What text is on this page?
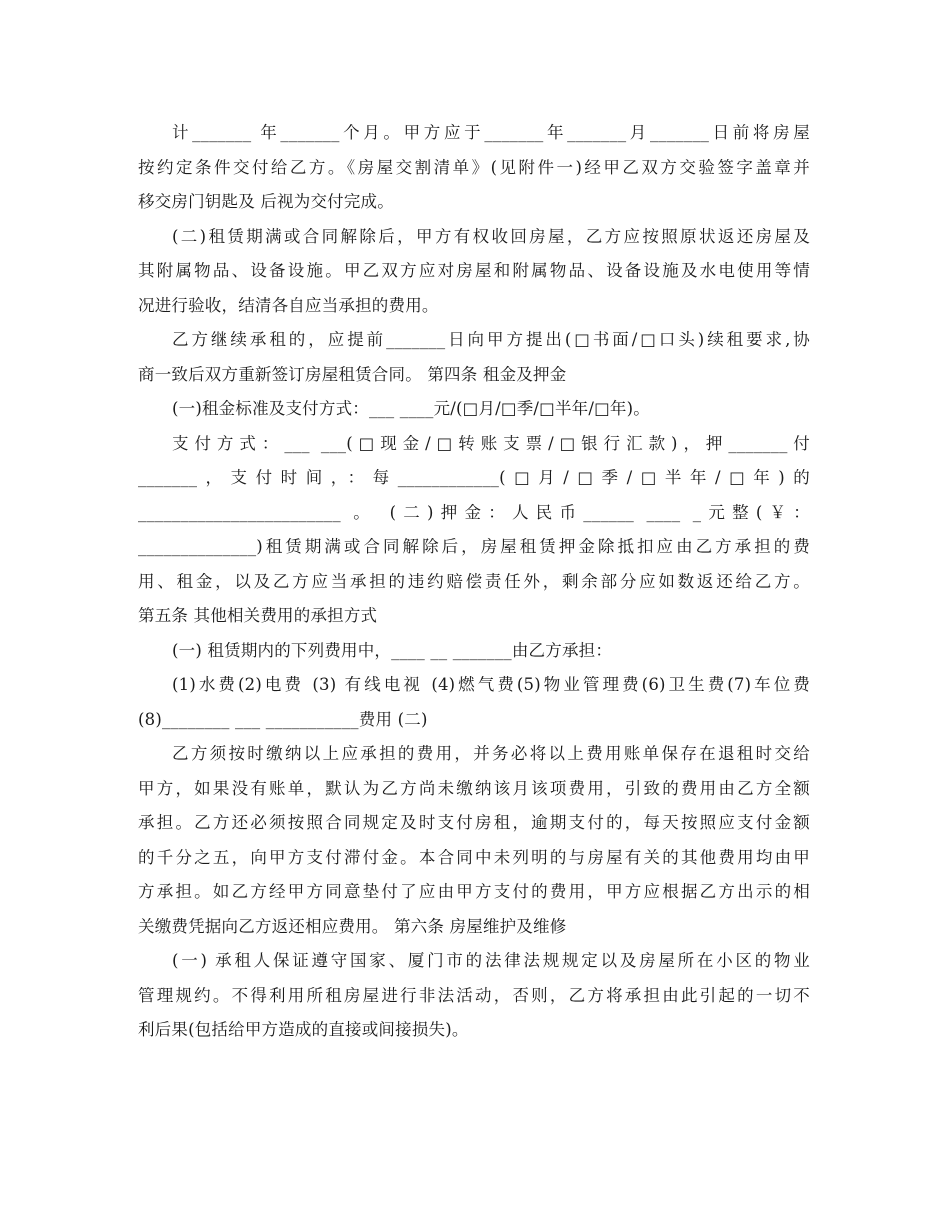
计_______ 年_______个月。甲方应于_______年_______月_______日前将房屋
按约定条件交付给乙方。《房屋交割清单》(见附件一)经甲乙双方交验签字盖章并
移交房门钥匙及 后视为交付完成。
(二)租赁期满或合同解除后，甲方有权收回房屋，乙方应按照原状返还房屋及
其附属物品、设备设施。甲乙双方应对房屋和附属物品、设备设施及水电使用等情
况进行验收，结清各自应当承担的费用。
乙方继续承租的，应提前_______日向甲方提出(□书面/□口头)续租要求,协
商一致后双方重新签订房屋租赁合同。 第四条 租金及押金
(一)租金标准及支付方式：___ ____元/(□月/□季/□半年/□年)。
支付方式：___ ___(□现金/□转账支票/□银行汇款)，押_______付
_______，支付时间，：每____________(□月/□季/□半年/□年)的
________________________ 。 (二)押金：人民币______ ____ _元整(￥：
______________)租赁期满或合同解除后，房屋租赁押金除抵扣应由乙方承担的费
用、租金，以及乙方应当承担的违约赔偿责任外，剩余部分应如数返还给乙方。
第五条 其他相关费用的承担方式
(一) 租赁期内的下列费用中，____ __ _______由乙方承担：
(1)水费(2)电费 (3) 有线电视 (4)燃气费(5)物业管理费(6)卫生费(7)车位费
(8)________ ___ ___________费用 (二)
乙方须按时缴纳以上应承担的费用，并务必将以上费用账单保存在退租时交给
甲方，如果没有账单，默认为乙方尚未缴纳该月该项费用，引致的费用由乙方全额
承担。乙方还必须按照合同规定及时支付房租，逾期支付的，每天按照应支付金额
的千分之五，向甲方支付滞付金。本合同中未列明的与房屋有关的其他费用均由甲
方承担。如乙方经甲方同意垫付了应由甲方支付的费用，甲方应根据乙方出示的相
关缴费凭据向乙方返还相应费用。 第六条 房屋维护及维修
(一) 承租人保证遵守国家、厦门市的法律法规规定以及房屋所在小区的物业
管理规约。不得利用所租房屋进行非法活动，否则，乙方将承担由此引起的一切不
利后果(包括给甲方造成的直接或间接损失)。
